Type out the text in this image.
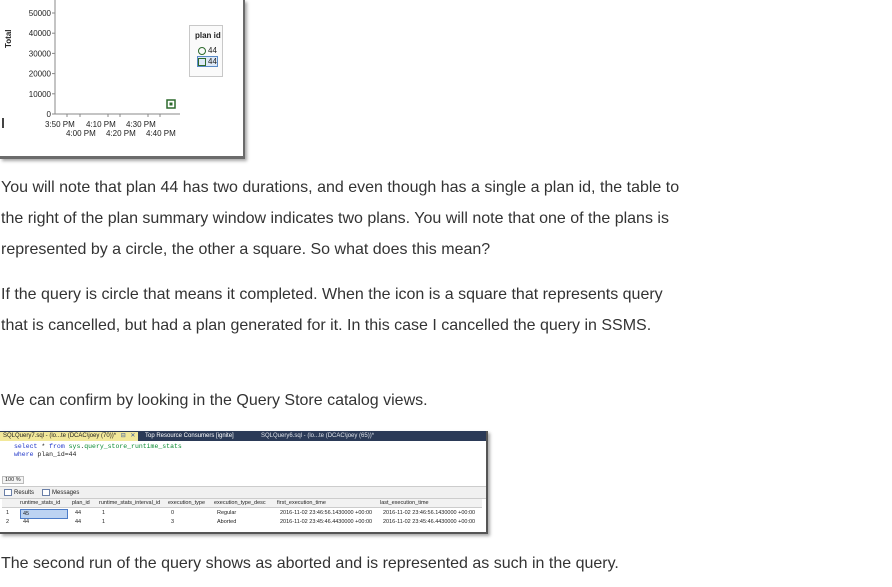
Total
0
10000
20000
30000
40000
50000
3:50 PM 4:10 PM 4:30 PM
4:00 PM 4:20 PM 4:40 PM
plan id
44
44

You will note that plan 44 has two durations, and even though has a single a plan id, the table to the right of the plan summary window indicates two plans. You will note that one of the plans is represented by a circle, the other a square. So what does this mean?

If the query is circle that means it completed. When the icon is a square that represents query that is cancelled, but had a plan generated for it. In this case I cancelled the query in SSMS.

We can confirm by looking in the Query Store catalog views.

SQLQuery7.sql - (lo...te (DCAC\joey (70))* ⊟ ✕	Top Resource Consumers [ignite]	SQLQuery6.sql - (lo...te (DCAC\joey (65))*
select * from sys.query_store_runtime_stats
where plan_id=44
100 %
Results	Messages
runtime_stats_id plan_id runtime_stats_interval_id execution_type execution_type_desc first_execution_time	last_execution_time
1	45	44	1	0	Regular	2016-11-02 23:46:56.1430000 +00:00 2016-11-02 23:46:56.1430000 +00:00
2	44	44	1	3	Aborted	2016-11-02 23:45:46.4430000 +00:00 2016-11-02 23:45:46.4430000 +00:00
The second run of the query shows as aborted and is represented as such in the query.
